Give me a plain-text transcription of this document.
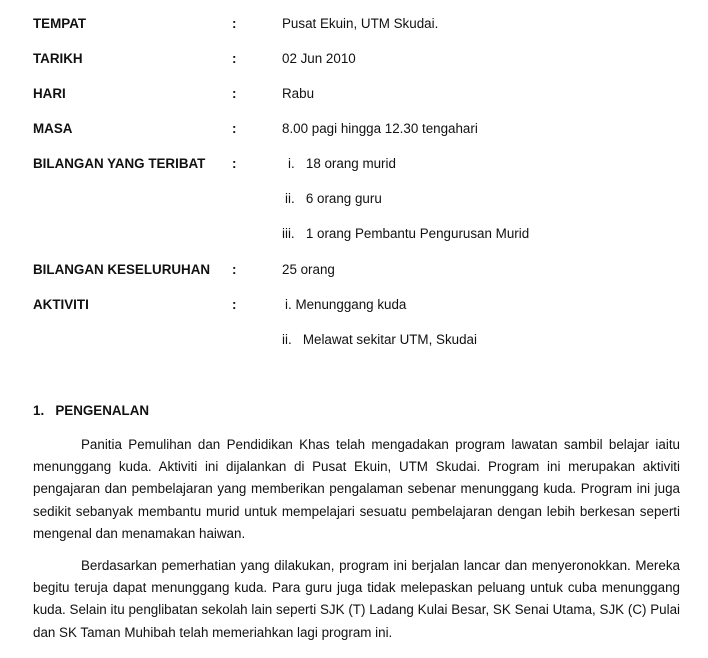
TEMPAT	:	Pusat Ekuin, UTM Skudai.
TARIKH	:	02 Jun 2010
HARI	:	Rabu
MASA	:	8.00 pagi hingga 12.30 tengahari
BILANGAN YANG TERIBAT :	i. 18 orang murid
ii. 6 orang guru
iii. 1 orang Pembantu Pengurusan Murid
BILANGAN KESELURUHAN :	25 orang
AKTIVITI	:	i. Menunggang kuda
ii. Melawat sekitar UTM, Skudai
1.   PENGENALAN

Panitia Pemulihan dan Pendidikan Khas telah mengadakan program lawatan sambil belajar iaitu menunggang kuda. Aktiviti ini dijalankan di Pusat Ekuin, UTM Skudai. Program ini merupakan aktiviti pengajaran dan pembelajaran yang memberikan pengalaman sebenar menunggang kuda. Program ini juga sedikit sebanyak membantu murid untuk mempelajari sesuatu pembelajaran dengan lebih berkesan seperti mengenal dan menamakan haiwan.

Berdasarkan pemerhatian yang dilakukan, program ini berjalan lancar dan menyeronokkan. Mereka begitu teruja dapat menunggang kuda. Para guru juga tidak melepaskan peluang untuk cuba menunggang kuda. Selain itu penglibatan sekolah lain seperti SJK (T) Ladang Kulai Besar, SK Senai Utama, SJK (C) Pulai dan SK Taman Muhibah telah memeriahkan lagi program ini.
